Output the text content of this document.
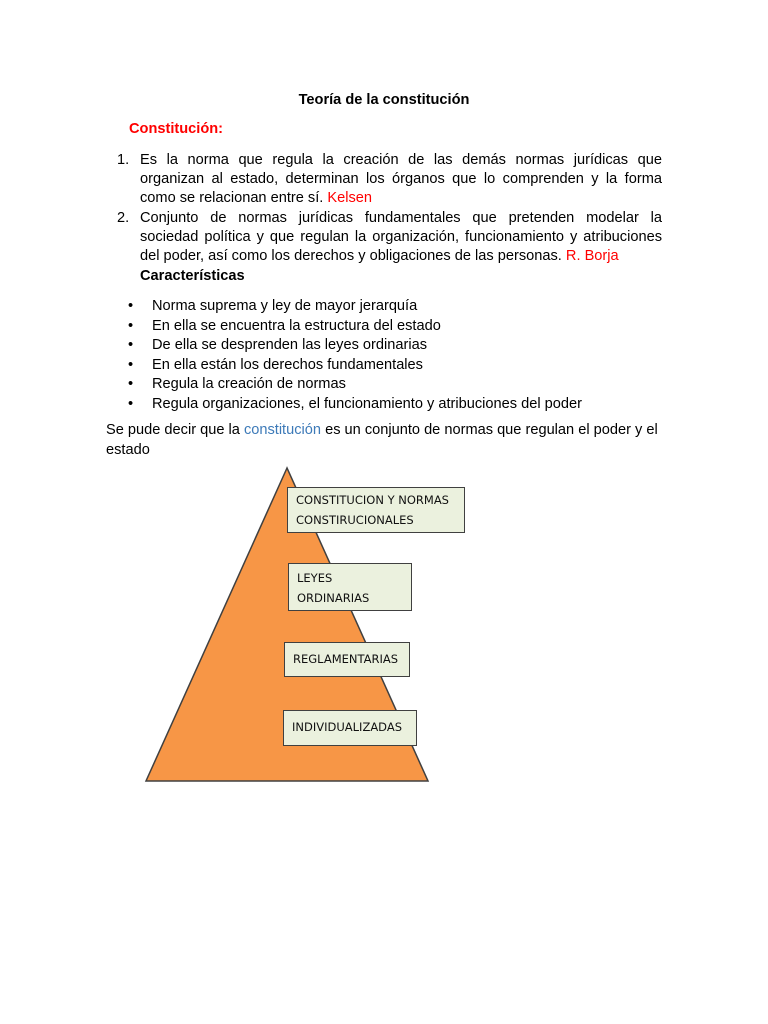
Teoría de la constitución
Constitución:
1. Es la norma que regula la creación de las demás normas jurídicas que organizan al estado, determinan los órganos que lo comprenden y la forma como se relacionan entre sí. Kelsen
2. Conjunto de normas jurídicas fundamentales que pretenden modelar la sociedad política y que regulan la organización, funcionamiento y atribuciones del poder, así como los derechos y obligaciones de las personas. R. Borja
Características
• Norma suprema y ley de mayor jerarquía
• En ella se encuentra la estructura del estado
• De ella se desprenden las leyes ordinarias
• En ella están los derechos fundamentales
• Regula la creación de normas
• Regula organizaciones, el funcionamiento y atribuciones del poder
Se pude decir que la constitución es un conjunto de normas que regulan el poder y el estado
CONSTITUCION Y NORMAS
CONSTIRUCIONALES
LEYES
ORDINARIAS
REGLAMENTARIAS
INDIVIDUALIZADAS
